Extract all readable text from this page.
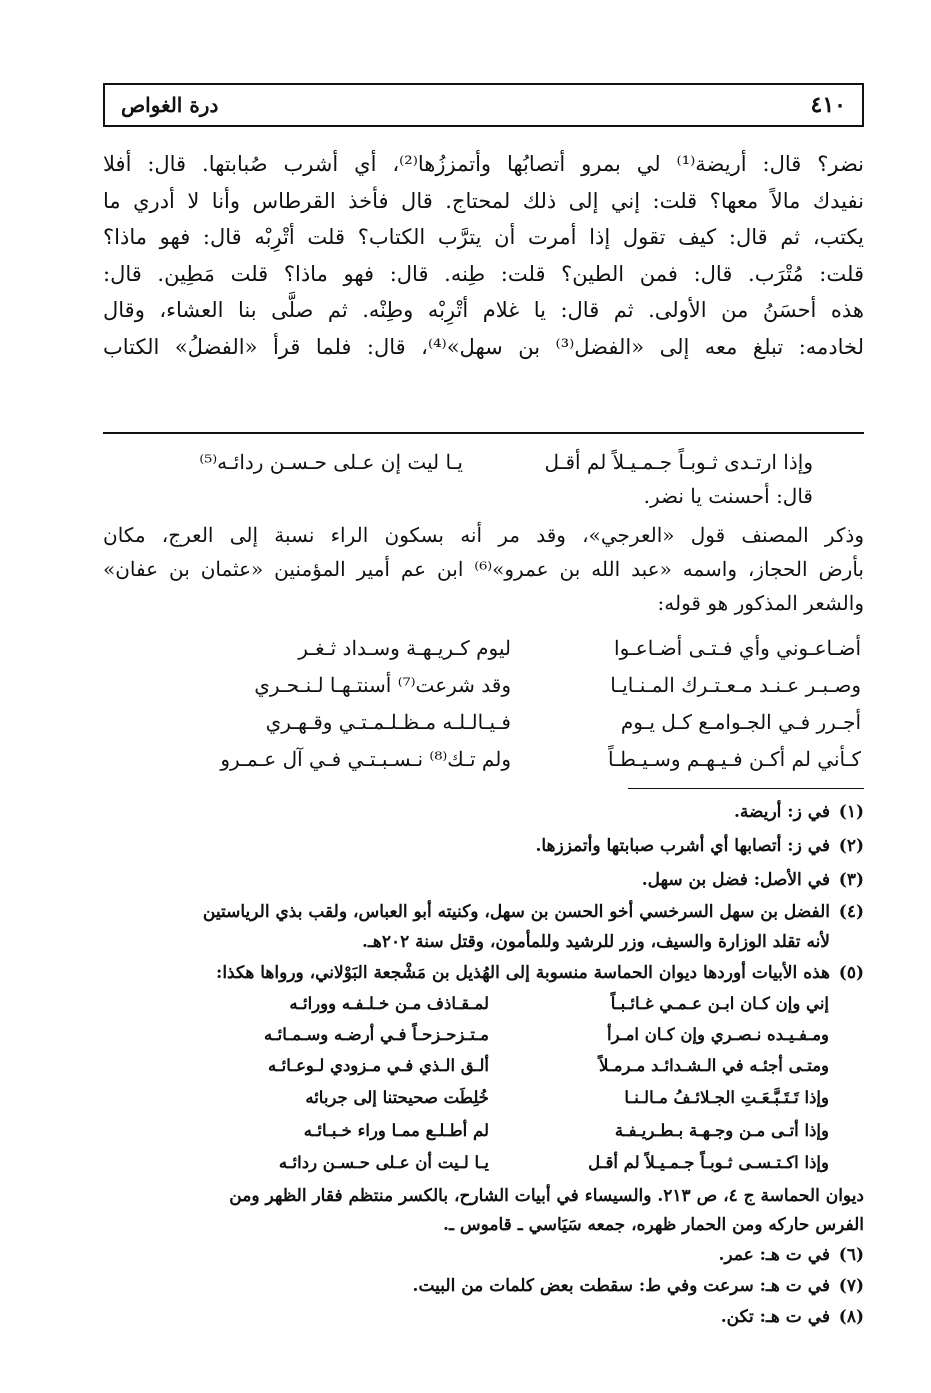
٤١٠
درة الغواص

نضر؟ قال: أريضة⁽¹⁾ لي بمرو أتصابُها وأتمززُها⁽²⁾، أي أشرب صُبابتها. قال: أفلا

نفيدك مالاً معها؟ قلت: إني إلى ذلك لمحتاج. قال فأخذ القرطاس وأنا لا أدري ما

يكتب، ثم قال: كيف تقول إذا أمرت أن يترَّب الكتاب؟ قلت أتْرِبْه قال: فهو ماذا؟

قلت: مُتْرَب. قال: فمن الطين؟ قلت: طِنه. قال: فهو ماذا؟ قلت مَطِين. قال:

هذه أحسَنُ من الأولى. ثم قال: يا غلام أتْرِبْه وطِنْه. ثم صلَّى بنا العشاء، وقال

لخادمه: تبلغ معه إلى «الفضل⁽³⁾ بن سهل»⁽⁴⁾، قال: فلما قرأ «الفضلُ» الكتاب

وإذا ارتـدى ثـوبـاً جـمـيـلاً لم أقـل
يـا ليت إن عـلى حـسـن ردائـه⁽⁵⁾
قال: أحسنت يا نضر.

وذكر المصنف قول «العرجي»، وقد مر أنه بسكون الراء نسبة إلى العرج، مكان

بأرض الحجاز، واسمه «عبد الله بن عمرو»⁽⁶⁾ ابن عم أمير المؤمنين «عثمان بن عفان»

والشعر المذكور هو قوله:

أضـاعـوني وأي فـتـى أضـاعـوا
ليوم كـريـهـة وسـداد ثـغـر
وصـبـر عـنـد مـعـتـرك المـنـايـا
وقد شرعت⁽⁷⁾ أسنتـهـا لـنـحـري
أجـرر فـي الجـوامـع كـل يـوم
فـيـالـلـه مـظـلـمـتـي وقـهـري
كـأني لم أكـن فـيـهـم وسـيـطـاً
ولم تـك⁽⁸⁾ نـسـبـتـي فـي آل عـمـرو
(١)
في ز: أريضة.
(٢)
في ز: أتصابها أي أشرب صبابتها وأتمززها.
(٣)
في الأصل: فضل بن سهل.
(٤)
الفضل بن سهل السرخسي أخو الحسن بن سهل، وكنيته أبو العباس، ولقب بذي الرياستين
لأنه تقلد الوزارة والسيف، وزر للرشيد وللمأمون، وقتل سنة ٢٠٢هـ.
(٥)
هذه الأبيات أوردها ديوان الحماسة منسوبة إلى الهُذيل بن مَشْجعة البَوْلاني، ورواها هكذا:
إني وإن كـان ابـن عـمـي غـائـبـاً
لمـقـاذف مـن خـلـفـه وورائـه
ومـفـيـده نـصـري وإن كـان امـرأ
مـتـزحـزحـاً فـي أرضـه وسـمـائـه
ومتـى أجئـه في الـشـدائـد مـرمـلاً
ألـق الـذي فـي مـزودي لـوعـائـه
وإذا تَـتَـبَّـعَـتِ الجـلائـفُ مـالـنـا
خُلِطَت صحيحتنا إلى جربائه
وإذا أتـى مـن وجـهـة بـطـريـفـة
لم أطـلـع ممـا وراء خـبـائـه
وإذا اكـتـسـى ثـوبـاً جـمـيـلاً لم أقـل
يـا لـيت أن عـلى حـسـن ردائـه
ديوان الحماسة ج ٤، ص ٢١٣. والسيساء في أبيات الشارح، بالكسر منتظم فقار الظهر ومن
الفرس حاركه ومن الحمار ظهره، جمعه سَيَاسي ـ قاموس ـ.
(٦)
في ت هـ: عمر.
(٧)
في ت هـ: سرعت وفي ط: سقطت بعض كلمات من البيت.
(٨)
في ت هـ: تكن.
